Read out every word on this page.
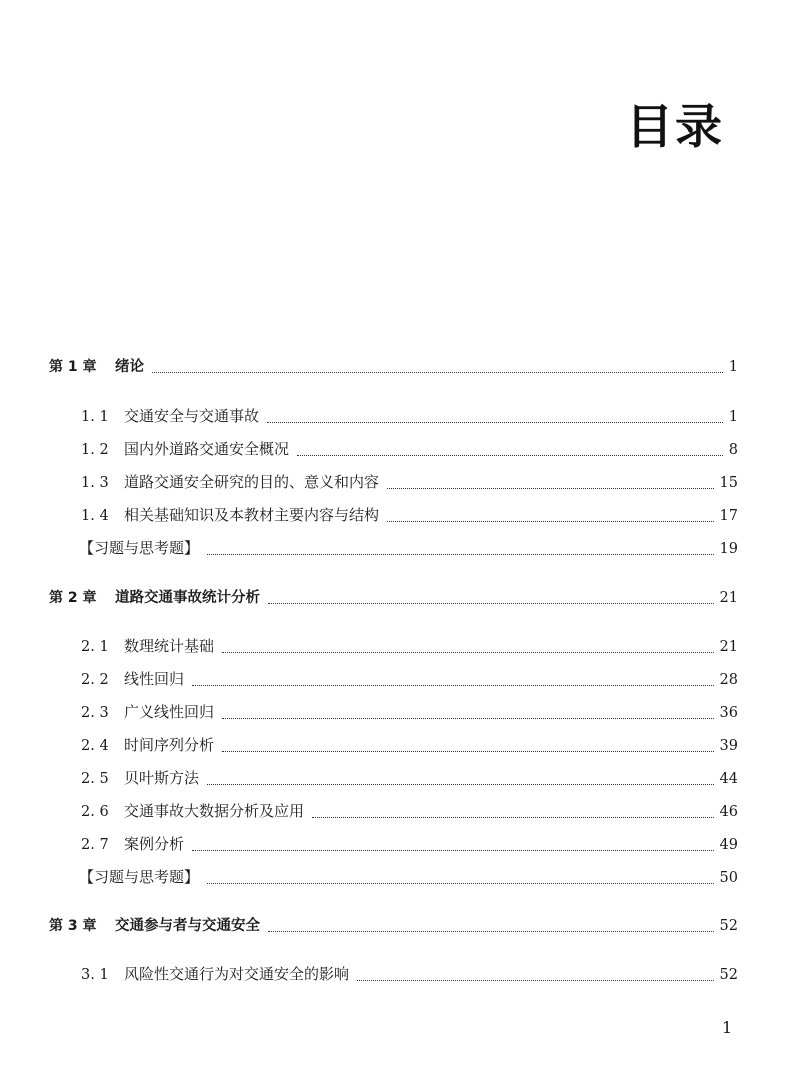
目录
第 1 章	绪论	1
1. 1	交通安全与交通事故	1
1. 2	国内外道路交通安全概况	8
1. 3	道路交通安全研究的目的、意义和内容	15
1. 4	相关基础知识及本教材主要内容与结构	17
【习题与思考题】	19
第 2 章	道路交通事故统计分析	21
2. 1	数理统计基础	21
2. 2	线性回归	28
2. 3	广义线性回归	36
2. 4	时间序列分析	39
2. 5	贝叶斯方法	44
2. 6	交通事故大数据分析及应用	46
2. 7	案例分析	49
【习题与思考题】	50
第 3 章	交通参与者与交通安全	52
3. 1	风险性交通行为对交通安全的影响	52
1
